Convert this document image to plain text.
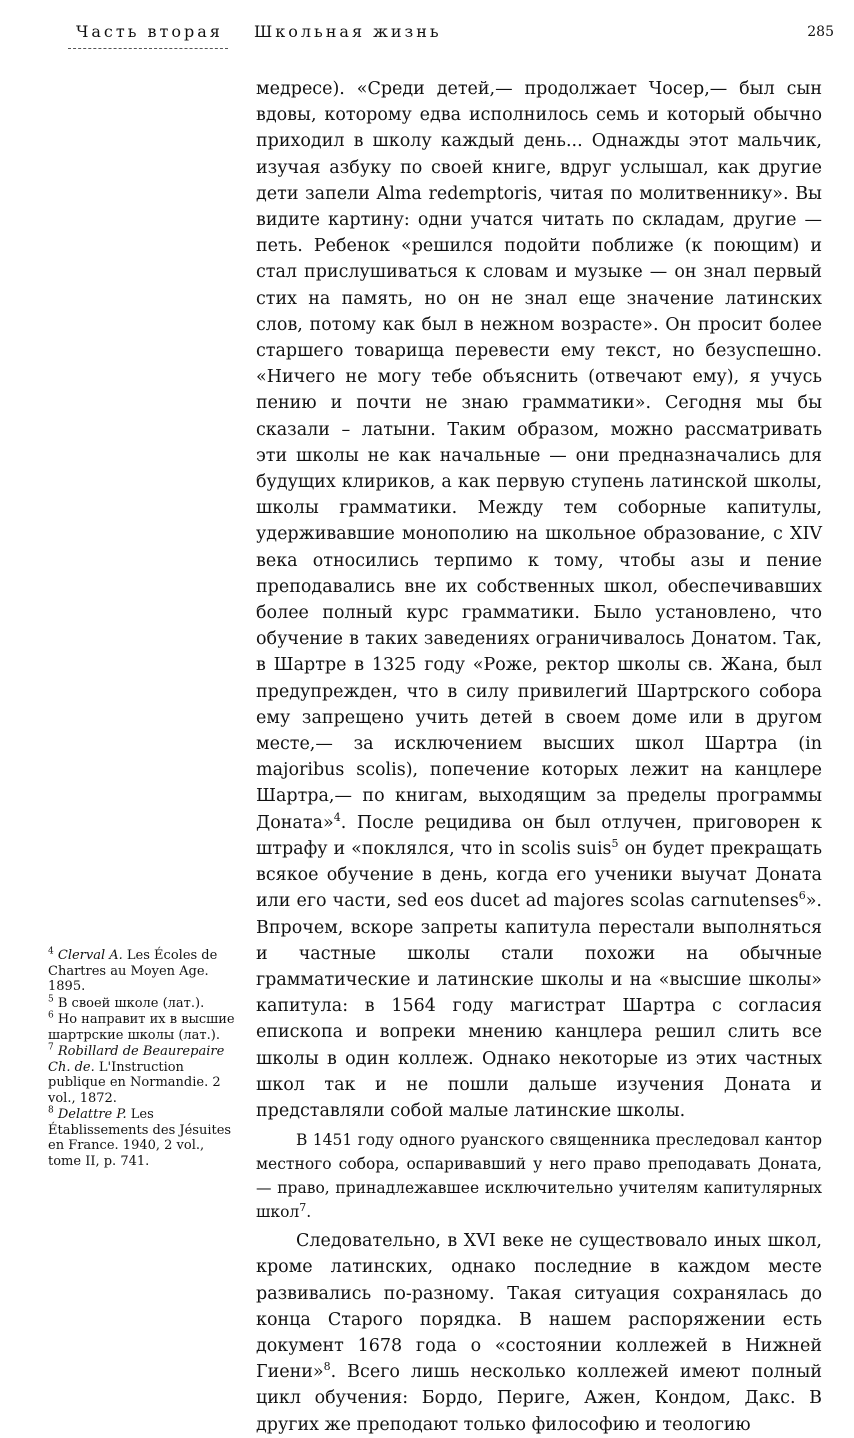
Часть вторая Школьная жизнь	285

медресе). «Среди детей,— продолжает Чосер,— был сын вдовы, которому едва исполнилось семь и который обычно приходил в школу каждый день... Однажды этот мальчик, изучая азбуку по своей книге, вдруг услышал, как другие дети запели Alma redemptoris, читая по молитвеннику». Вы видите картину: одни учатся читать по складам, другие — петь. Ребенок «решился подойти поближе (к поющим) и стал прислушиваться к словам и музыке — он знал первый стих на память, но он не знал еще значение латинских слов, потому как был в нежном возрасте». Он просит более старшего товарища перевести ему текст, но безуспешно. «Ничего не могу тебе объяснить (отвечают ему), я учусь пению и почти не знаю грамматики». Сегодня мы бы сказали – латыни. Таким образом, можно рассматривать эти школы не как начальные — они предназначались для будущих клириков, а как первую ступень латинской школы, школы грамматики. Между тем соборные капитулы, удерживавшие монополию на школьное образование, с XIV века относились терпимо к тому, чтобы азы и пение преподавались вне их собственных школ, обеспечивавших более полный курс грамматики. Было установлено, что обучение в таких заведениях ограничивалось Донатом. Так, в Шартре в 1325 году «Роже, ректор школы св. Жана, был предупрежден, что в силу привилегий Шартрского собора ему запрещено учить детей в своем доме или в другом месте,— за исключением высших школ Шартра (in majoribus scolis), попечение которых лежит на канцлере Шартра,— по книгам, выходящим за пределы программы Доната»$^4$. После рецидива он был отлучен, приговорен к штрафу и «поклялся, что in scolis suis$^5$ он будет прекращать всякое обучение в день, когда его ученики выучат Доната или его части, sed eos ducet ad majores scolas carnutenses$^6$». Впрочем, вскоре запреты капитула перестали выполняться и частные школы стали похожи на обычные грамматические и латинские школы и на «высшие школы» капитула: в 1564 году магистрат Шартра с согласия епископа и вопреки мнению канцлера решил слить все школы в один коллеж. Однако некоторые из этих частных школ так и не пошли дальше изучения Доната и представляли собой малые латинские школы.

В 1451 году одного руанского священника преследовал кантор местного собора, оспаривавший у него право преподавать Доната,— право, принадлежавшее исключительно учителям капитулярных школ$^7$.

Следовательно, в XVI веке не существовало иных школ, кроме латинских, однако последние в каждом месте развивались по-разному. Такая ситуация сохранялась до конца Старого порядка. В нашем распоряжении есть документ 1678 года о «состоянии коллежей в Нижней Гиени»$^8$. Всего лишь несколько коллежей имеют полный цикл обучения: Бордо, Периге, Ажен, Кондом, Дакс. В других же преподают только философию и теологию

$^4$ Clerval A. Les Écoles de Chartres au Moyen Age. 1895.

$^5$ В своей школе (лат.).

$^6$ Но направит их в высшие шартрские школы (лат.).

$^7$ Robillard de Beaurepaire Ch. de. L'Instruction publique en Normandie. 2 vol., 1872.

$^8$ Delattre P. Les Établissements des Jésuites en France. 1940, 2 vol., tome II, p. 741.
